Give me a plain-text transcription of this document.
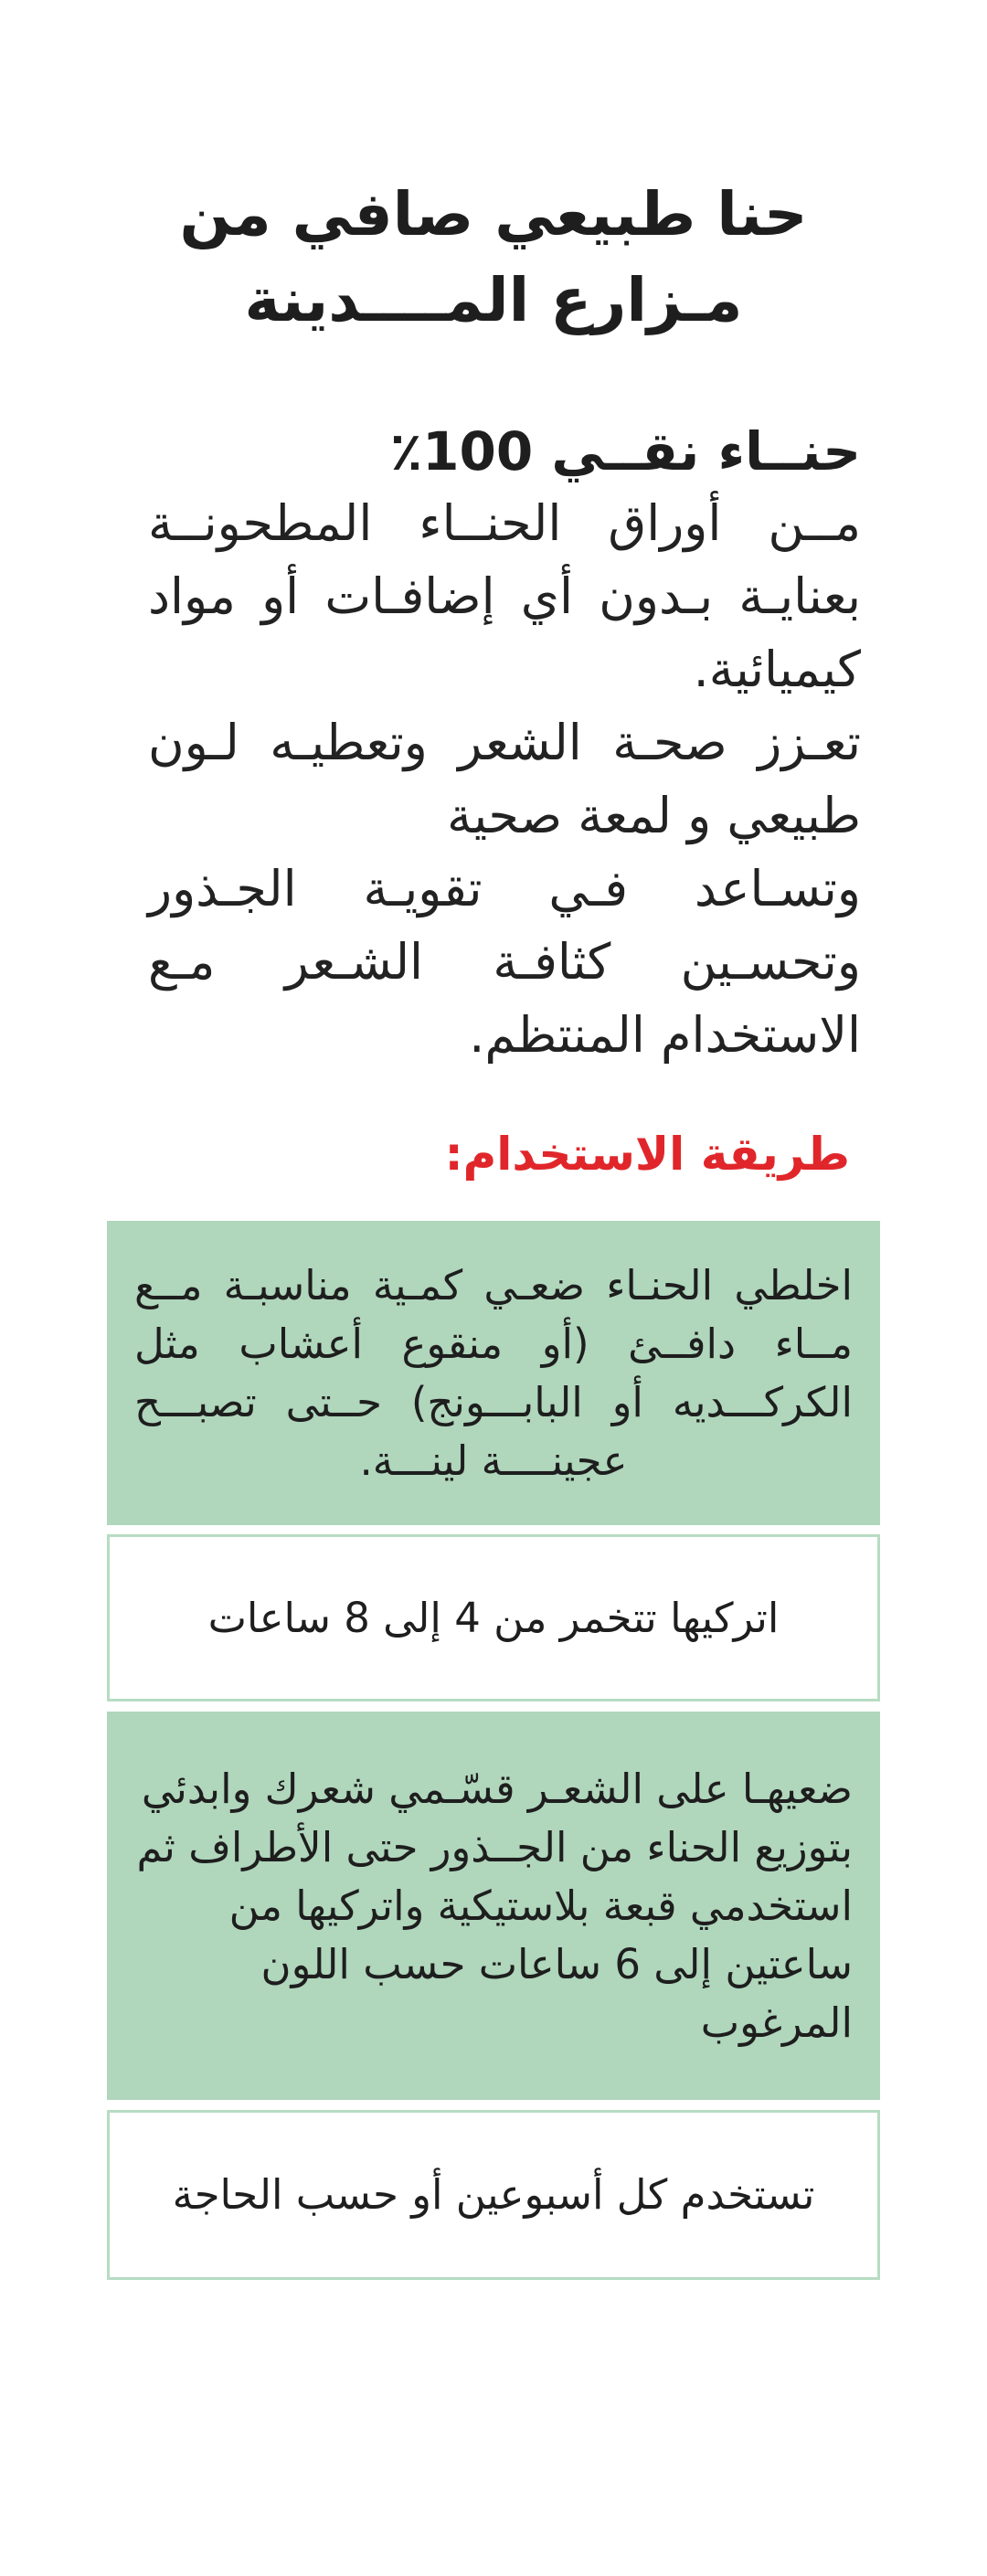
حنا طبيعي صافي من
مـزارع المــــدينة

حنــاء نقــي 100٪

مــن أوراق الحنــاء المطحونــة بعنايـة بـدون أي إضافـات أو مواد كيميائية.

تعـزز صحـة الشعر وتعطيـه لـون طبيعي و لمعة صحية

وتسـاعد فـي تقويـة الجـذور وتحسـين كثافـة الشـعر مـع الاستخدام المنتظم.

طريقة الاستخدام:
اخلطي الحنـاء ضعـي كمـية مناسبـة مــع مــاء دافــئ (أو منقوع أعشاب مثل الكركـــديه أو البابـــونج) حــتى تصبـــح عجينــــة لينـــة.
اتركيها تتخمر من 4 إلى 8 ساعات
ضعيهـا على الشعـر قسّـمي شعرك وابدئي بتوزيع الحناء من الجــذور حتى الأطراف ثم استخدمي قبعة بلاستيكية واتركيها من ساعتين إلى 6 ساعات حسب اللون المرغوب
تستخدم كل أسبوعين أو حسب الحاجة
